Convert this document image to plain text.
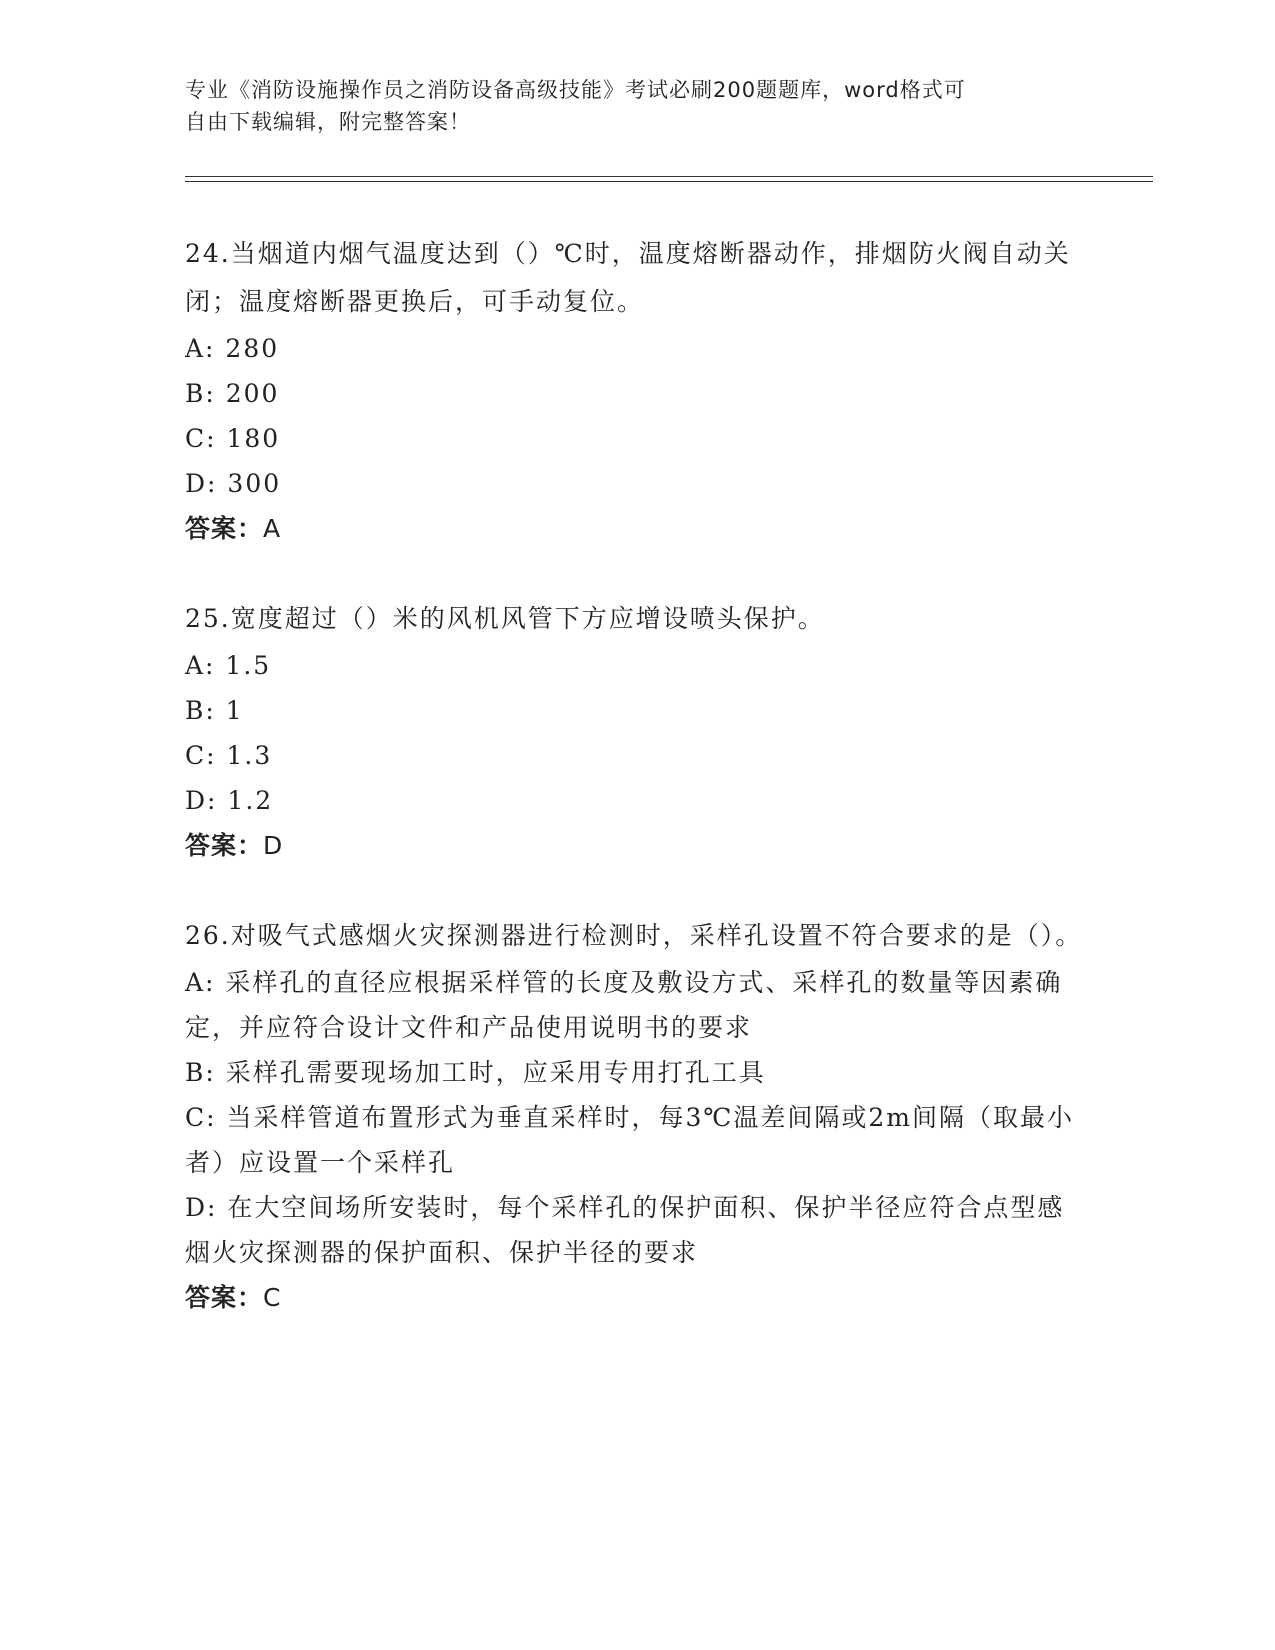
专业《消防设施操作员之消防设备高级技能》考试必刷200题题库，word格式可
自由下载编辑，附完整答案！

24.当烟道内烟气温度达到（）℃时，温度熔断器动作，排烟防火阀自动关闭；温度熔断器更换后，可手动复位。

A: 280

B: 200

C: 180

D: 300

答案：A

25.宽度超过（）米的风机风管下方应增设喷头保护。

A: 1.5

B: 1

C: 1.3

D: 1.2

答案：D

26.对吸气式感烟火灾探测器进行检测时，采样孔设置不符合要求的是（）。

A: 采样孔的直径应根据采样管的长度及敷设方式、采样孔的数量等因素确定，并应符合设计文件和产品使用说明书的要求

B: 采样孔需要现场加工时，应采用专用打孔工具

C: 当采样管道布置形式为垂直采样时，每3℃温差间隔或2m间隔（取最小者）应设置一个采样孔

D: 在大空间场所安装时，每个采样孔的保护面积、保护半径应符合点型感烟火灾探测器的保护面积、保护半径的要求

答案：C
